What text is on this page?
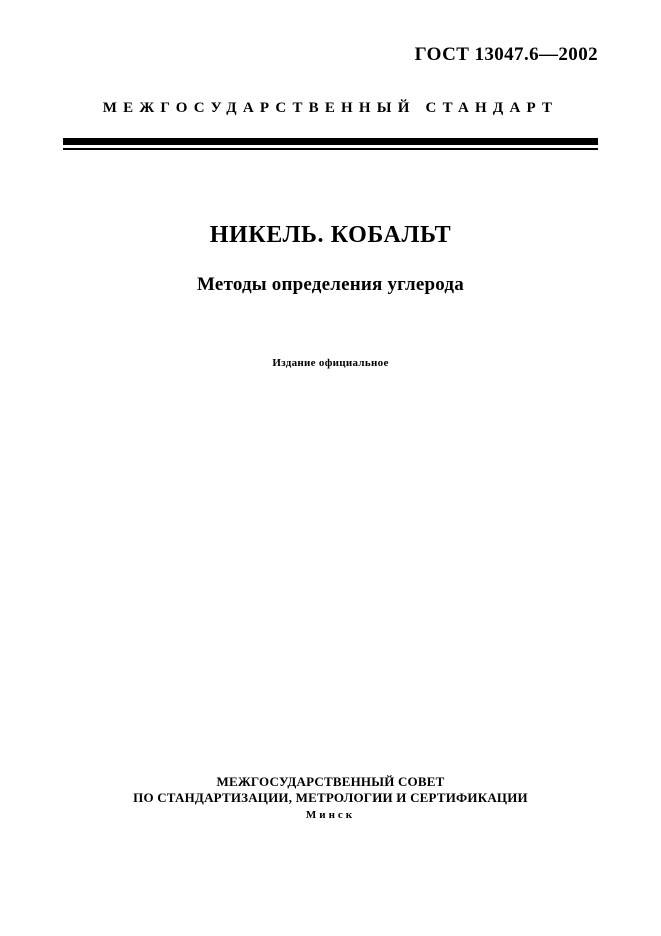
ГОСТ 13047.6—2002
МЕЖГОСУДАРСТВЕННЫЙ СТАНДАРТ
НИКЕЛЬ. КОБАЛЬТ
Методы определения углерода
Издание официальное
МЕЖГОСУДАРСТВЕННЫЙ СОВЕТ
ПО СТАНДАРТИЗАЦИИ, МЕТРОЛОГИИ И СЕРТИФИКАЦИИ
Минск
